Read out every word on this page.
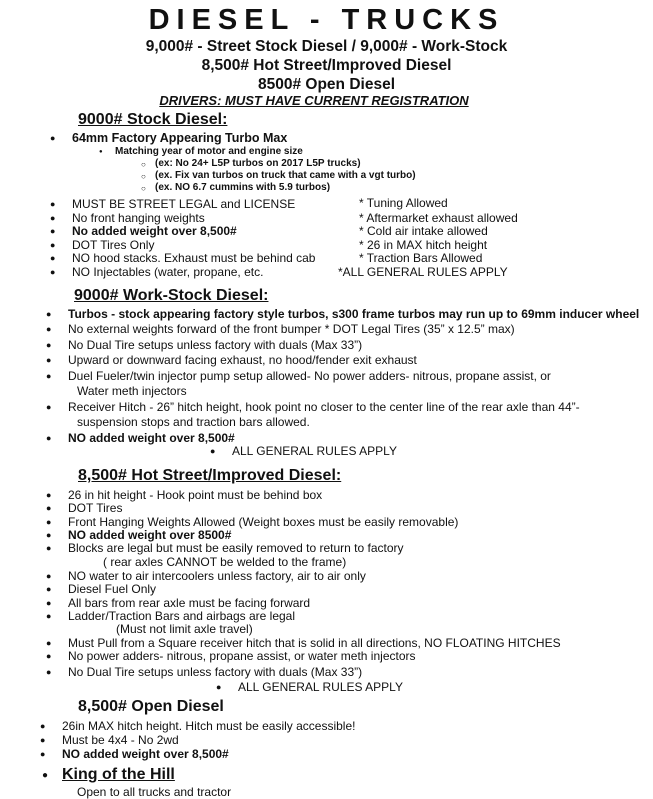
DIESEL - TRUCKS
9,000# - Street Stock Diesel / 9,000# - Work-Stock
8,500# Hot Street/Improved Diesel
8500# Open Diesel
DRIVERS: MUST HAVE CURRENT REGISTRATION
9000# Stock Diesel:
● 64mm Factory Appearing Turbo Max
● Matching year of motor and engine size
○ (ex: No 24+ L5P turbos on 2017 L5P trucks)
○ (ex. Fix van turbos on truck that came with a vgt turbo)
○ (ex. NO 6.7 cummins with 5.9 turbos)
● MUST BE STREET LEGAL and LICENSE
● No front hanging weights
● No added weight over 8,500#
● DOT Tires Only
● NO hood stacks. Exhaust must be behind cab
● NO Injectables (water, propane, etc.
* Tuning Allowed
* Aftermarket exhaust allowed
* Cold air intake allowed
* 26 in MAX hitch height
* Traction Bars Allowed
*ALL GENERAL RULES APPLY
9000# Work-Stock Diesel:
● Turbos - stock appearing factory style turbos, s300 frame turbos may run up to 69mm inducer wheel
● No external weights forward of the front bumper * DOT Legal Tires (35” x 12.5” max)
● No Dual Tire setups unless factory with duals (Max 33”)
● Upward or downward facing exhaust, no hood/fender exit exhaust
● Duel Fueler/twin injector pump setup allowed- No power adders- nitrous, propane assist, or
Water meth injectors
● Receiver Hitch - 26” hitch height, hook point no closer to the center line of the rear axle than 44”-
suspension stops and traction bars allowed.
● NO added weight over 8,500#
● ALL GENERAL RULES APPLY
8,500# Hot Street/Improved Diesel:
● 26 in hit height - Hook point must be behind box
● DOT Tires
● Front Hanging Weights Allowed (Weight boxes must be easily removable)
● NO added weight over 8500#
● Blocks are legal but must be easily removed to return to factory
( rear axles CANNOT be welded to the frame)
● NO water to air intercoolers unless factory, air to air only
● Diesel Fuel Only
● All bars from rear axle must be facing forward
● Ladder/Traction Bars and airbags are legal
(Must not limit axle travel)
● Must Pull from a Square receiver hitch that is solid in all directions, NO FLOATING HITCHES
● No power adders- nitrous, propane assist, or water meth injectors
● No Dual Tire setups unless factory with duals (Max 33”)
● ALL GENERAL RULES APPLY
8,500# Open Diesel
● 26in MAX hitch height. Hitch must be easily accessible!
● Must be 4x4 - No 2wd
● NO added weight over 8,500#
● King of the Hill
Open to all trucks and tractor
